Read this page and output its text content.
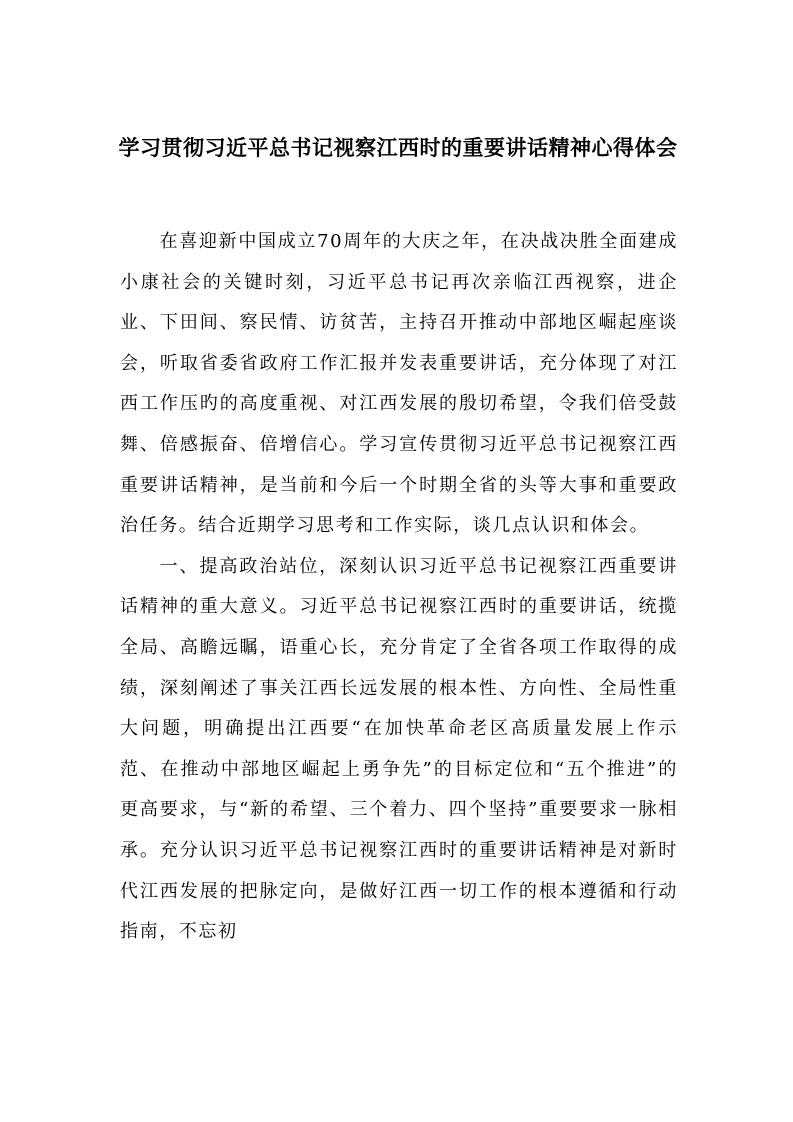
学习贯彻习近平总书记视察江西时的重要讲话精神心得体会

在喜迎新中国成立70周年的大庆之年，在决战决胜全面建成小康社会的关键时刻，习近平总书记再次亲临江西视察，进企业、下田间、察民情、访贫苦，主持召开推动中部地区崛起座谈会，听取省委省政府工作汇报并发表重要讲话，充分体现了对江西工作压旳的高度重视、对江西发展的殷切希望，令我们倍受鼓舞、倍感振奋、倍增信心。学习宣传贯彻习近平总书记视察江西重要讲话精神，是当前和今后一个时期全省的头等大事和重要政治任务。结合近期学习思考和工作实际，谈几点认识和体会。

一、提高政治站位，深刻认识习近平总书记视察江西重要讲话精神的重大意义。习近平总书记视察江西时的重要讲话，统揽全局、高瞻远瞩，语重心长，充分肯定了全省各项工作取得的成绩，深刻阐述了事关江西长远发展的根本性、方向性、全局性重大问题，明确提出江西要“在加快革命老区高质量发展上作示范、在推动中部地区崛起上勇争先”的目标定位和“五个推进”的更高要求，与“新的希望、三个着力、四个坚持”重要要求一脉相承。充分认识习近平总书记视察江西时的重要讲话精神是对新时代江西发展的把脉定向，是做好江西一切工作的根本遵循和行动指南，不忘初
